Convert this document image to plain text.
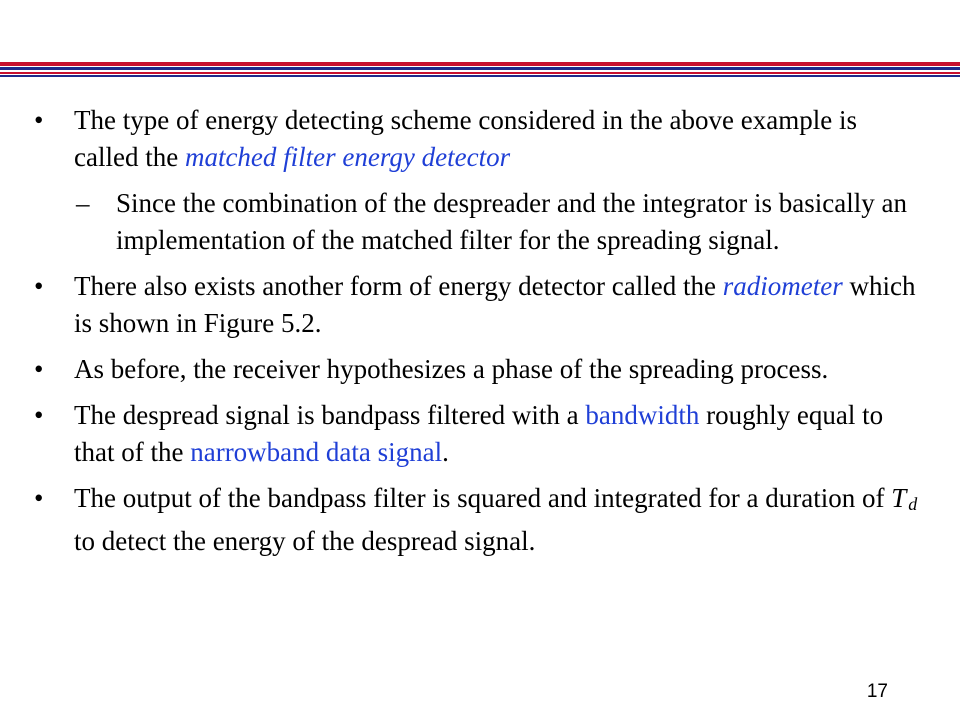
• The type of energy detecting scheme considered in the above example is called the matched filter energy detector
– Since the combination of the despreader and the integrator is basically an implementation of the matched filter for the spreading signal.
• There also exists another form of energy detector called the radiometer which is shown in Figure 5.2.
• As before, the receiver hypothesizes a phase of the spreading process.
• The despread signal is bandpass filtered with a bandwidth roughly equal to that of the narrowband data signal.
• The output of the bandpass filter is squared and integrated for a duration of T d to detect the energy of the despread signal.
17
